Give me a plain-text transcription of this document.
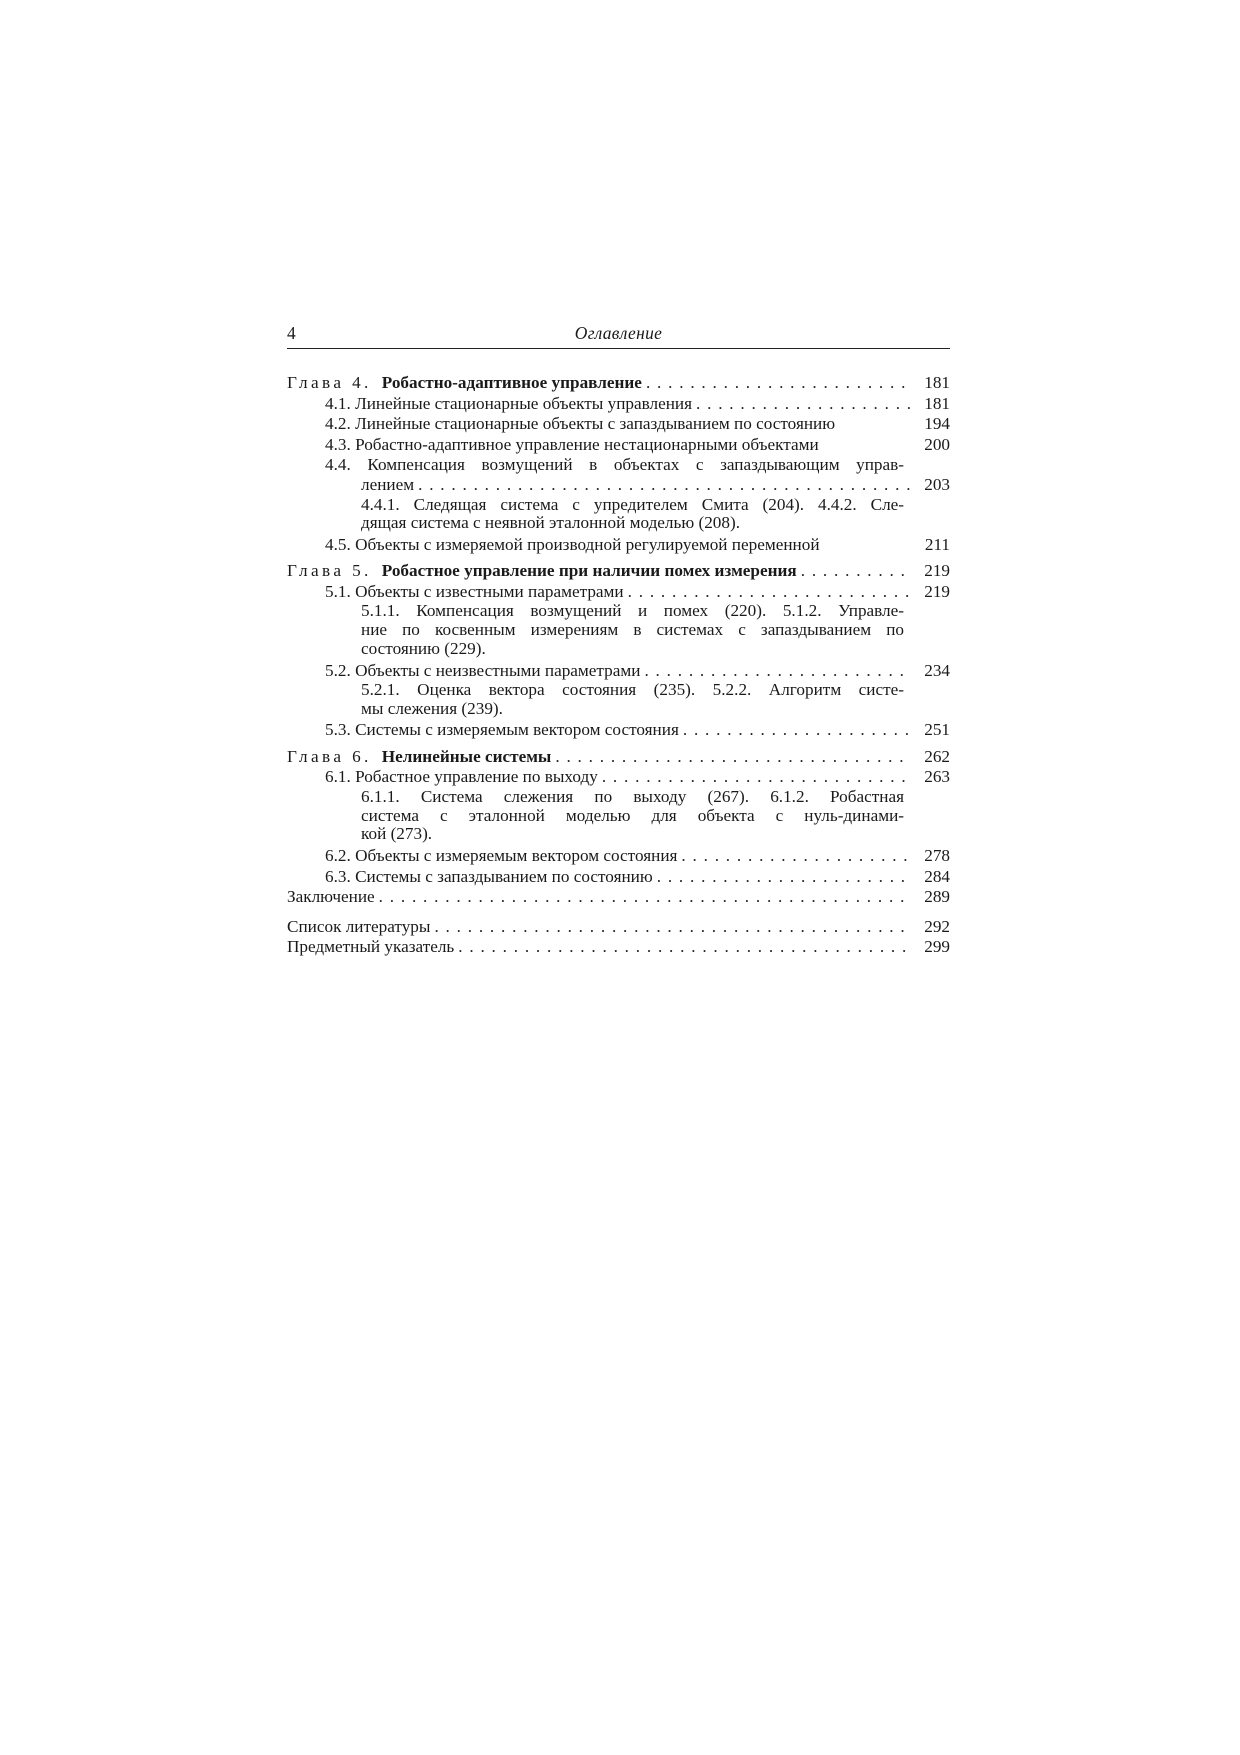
4	Оглавление
Глава 4. Робастно-адаптивное управление . . .	181
4.1. Линейные стационарные объекты управления . . .	181
4.2. Линейные стационарные объекты с запаздыванием по состоянию	194
4.3. Робастно-адаптивное управление нестационарными объектами	200
4.4. Компенсация возмущений в объектах с запаздывающим управ-
лением . . .	203
4.4.1. Следящая система с упредителем Смита (204). 4.4.2. Сле-
дящая система с неявной эталонной моделью (208).
4.5. Объекты с измеряемой производной регулируемой переменной	211
Глава 5. Робастное управление при наличии помех измерения . . .	219
5.1. Объекты с известными параметрами . . .	219
5.1.1. Компенсация возмущений и помех (220). 5.1.2. Управле-
ние по косвенным измерениям в системах с запаздыванием по
состоянию (229).
5.2. Объекты с неизвестными параметрами . . .	234
5.2.1. Оценка вектора состояния (235). 5.2.2. Алгоритм систе-
мы слежения (239).
5.3. Системы с измеряемым вектором состояния . . .	251
Глава 6. Нелинейные системы . . .	262
6.1. Робастное управление по выходу . . .	263
6.1.1. Система слежения по выходу (267). 6.1.2. Робастная
система с эталонной моделью для объекта с нуль-динами-
кой (273).
6.2. Объекты с измеряемым вектором состояния . . .	278
6.3. Системы с запаздыванием по состоянию . . .	284
Заключение . . .	289
Список литературы . . .	292
Предметный указатель . . .	299
